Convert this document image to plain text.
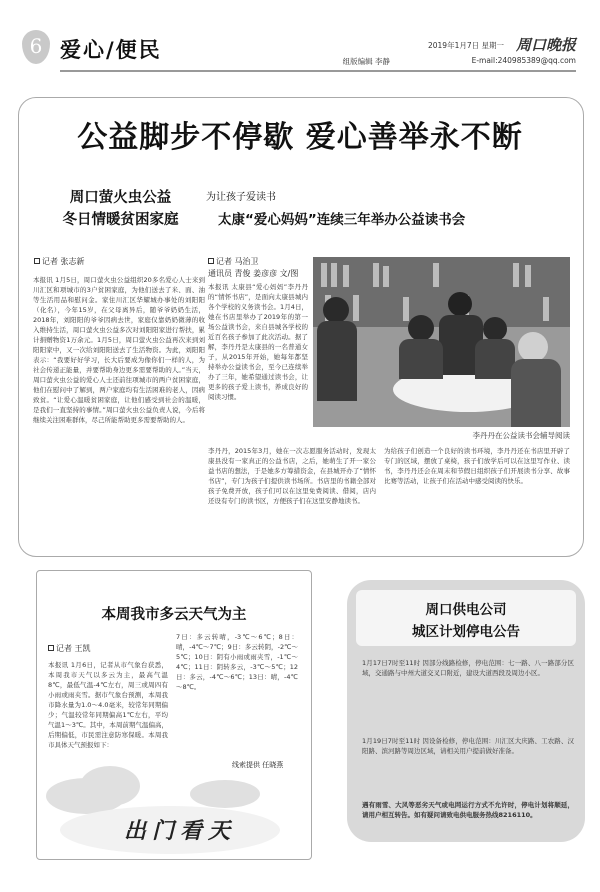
6 爱心/便民	2019年1月7日 星期一 周口晚报
组版编辑 李静	E-mail:240985389@qq.com
公益脚步不停歇 爱心善举永不断
周口萤火虫公益
冬日情暖贫困家庭
记者 张志新
本报讯 1月5日，周口萤火虫公益组织20多名爱心人士来到川汇区和项城市的3户贫困家庭，为他们送去了米、面、油等生活用品和慰问金。家住川汇区华耀城办事处的刘阳阳（化名），今年15岁，在父母离异后，随爷爷奶奶生活，2018年，刘阳阳的爷爷因病去世，家庭仅靠奶奶微薄的收入维持生活，周口萤火虫公益多次对刘阳阳家进行帮扶，累计捐赠物资1万余元。1月5日，周口萤火虫公益再次来到刘阳阳家中，又一次给刘阳阳送去了生活物资。为此，刘阳阳表示：“我要好好学习，长大后要成为像你们一样的人，为社会传递正能量，并要帮助身边更多需要帮助的人。”当天，周口萤火虫公益的爱心人士还前往项城市的两户贫困家庭，他们在慰问中了解到，两户家庭均有生活困难的老人，因病致贫。“让爱心温暖贫困家庭，让他们感受到社会的温暖，是我们一直坚持的事情。”周口萤火虫公益负责人说，今后将继续关注困难群体，尽己所能帮助更多需要帮助的人。
为让孩子爱读书
太康“爱心妈妈”连续三年举办公益读书会
记者 马治卫
通讯员 青俊 姜彦彦 文/图
本报讯 太康县“爱心妈妈”李丹丹的“情怀书店”，是面向太康县城内各个学校的义务读书会。1月4日，她在书店里举办了2019年的第一场公益读书会，来自县城各学校的近百名孩子参加了此次活动。据了解，李丹丹是太康县的一名普通女子，从2015年开始，她每年都坚持举办公益读书会，至今已连续举办了三年，她希望通过读书会，让更多的孩子爱上读书，养成良好的阅读习惯。
李丹丹在公益读书会辅导阅读
李丹丹，2015年3月，她在一次志愿服务活动时，发现太康县没有一家真正的公益书店，之后，她萌生了开一家公益书店的想法，于是她多方筹措资金，在县城开办了“情怀书店”，专门为孩子们提供读书场所。书店里的书籍全部对孩子免费开放，孩子们可以在这里免费阅读、借阅，店内还设有专门的读书区，方便孩子们在这里安静地读书。
为给孩子们创造一个良好的读书环境，李丹丹还在书店里开辟了专门的区域，摆放了桌椅，孩子们放学后可以在这里写作业、读书，李丹丹还会在周末和节假日组织孩子们开展读书分享、故事比赛等活动，让孩子们在活动中感受阅读的快乐。
本周我市多云天气为主
记者 王凯
本报讯 1月6日，记者从市气象台获悉，本周我市天气以多云为主，最高气温8℃，最低气温-4℃左右，周三或周四有小雨或雨夹雪。据市气象台预测，本周我市降水量为1.0～4.0毫米，较常年同期偏少；气温较常年同期偏高1℃左右，平均气温1～3℃。其中，本周前期气温偏高，后期偏低，市民需注意防寒保暖。本周我市具体天气预报如下：
7日：多云转晴，-3℃～6℃；8日：晴，-4℃～7℃；9日：多云转阴，-2℃～5℃；10日：阴有小雨或雨夹雪，-1℃～4℃；11日：阴转多云，-3℃～5℃；12日：多云，-4℃～6℃；13日：晴，-4℃～8℃。
线索提供 任晓燕
出门看天
周口供电公司
城区计划停电公告
1月17日7时至11时 因部分线路检修，停电范围：七一路、八一路部分区域，交通路与中州大道交叉口附近，建设大道西段及周边小区。
1月19日7时至11时 因设备检修，停电范围：川汇区大庆路、工农路、汉阳路、滨河路等周边区域，请相关用户提前做好准备。
遇有雨雪、大风等恶劣天气或电网运行方式不允许时，停电计划将顺延，请用户相互转告。如有疑问请致电供电服务热线8216110。
